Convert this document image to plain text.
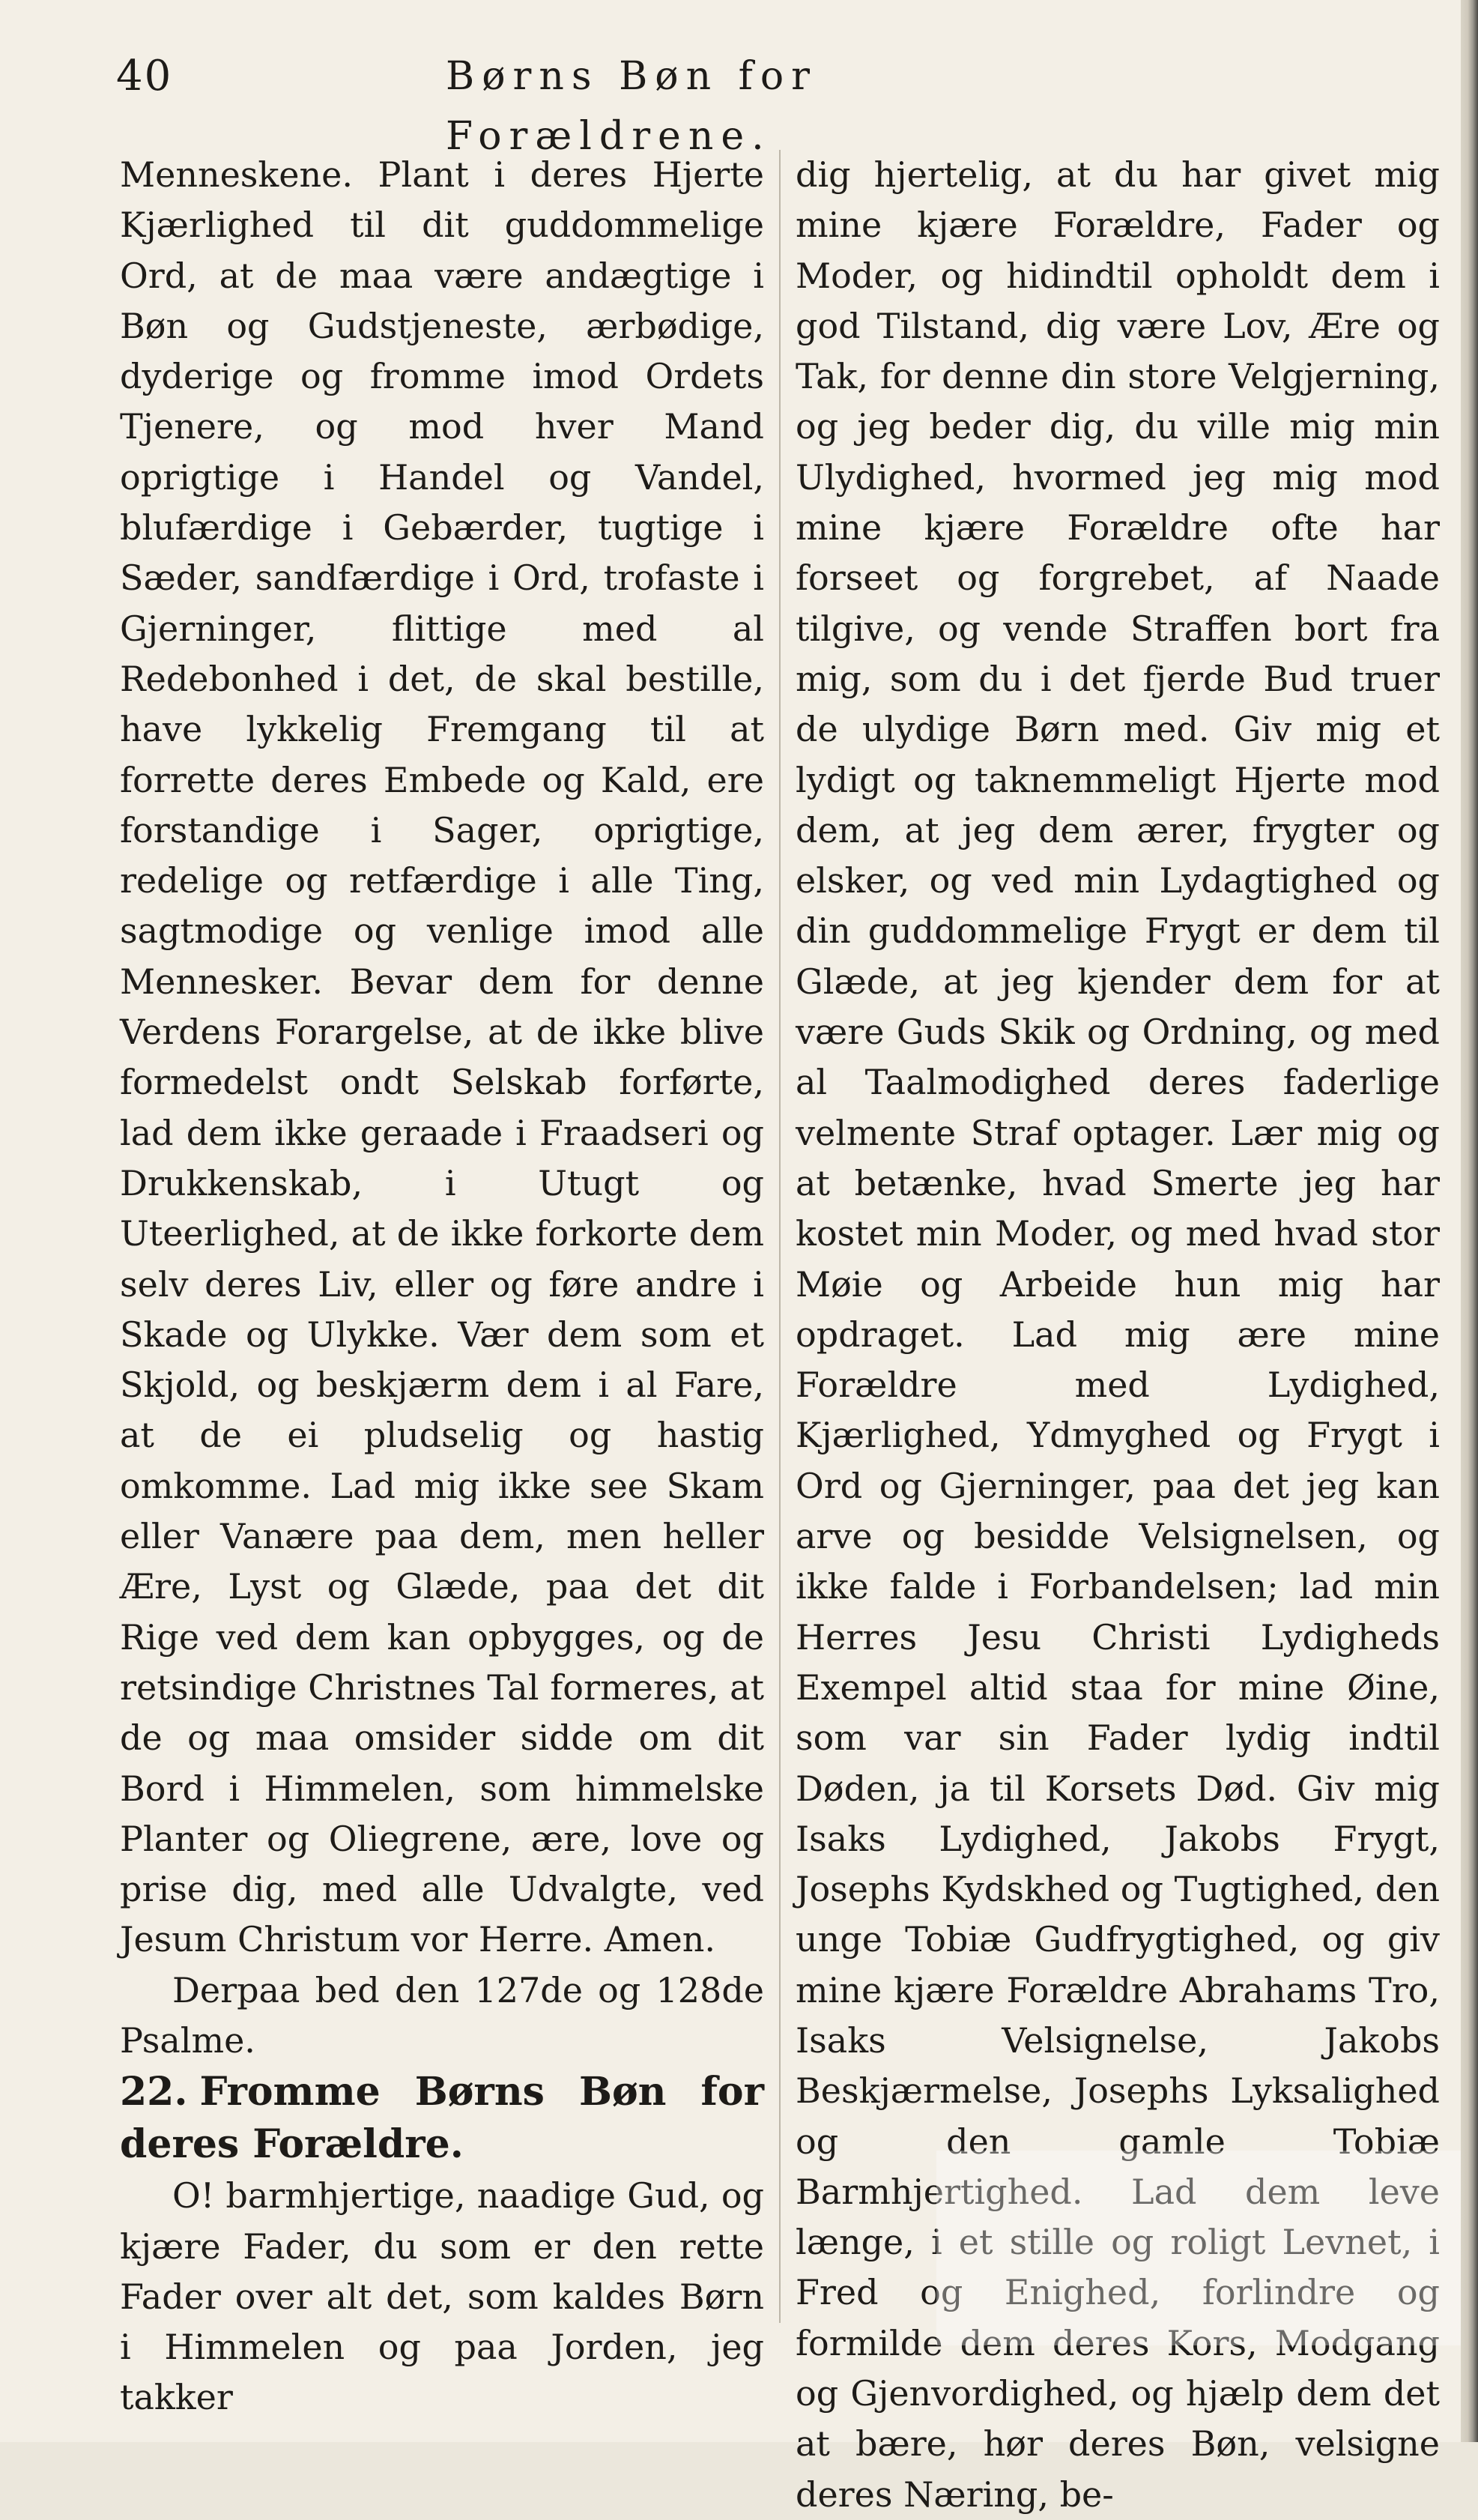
40	Børns Bøn for Forældrene.

Menneskene. Plant i deres Hjerte Kjærlighed til dit guddommelige Ord, at de maa være andægtige i Bøn og Gudstjeneste, ærbødige, dyderige og fromme imod Ordets Tjenere, og mod hver Mand oprigtige i Handel og Vandel, blufærdige i Gebærder, tugtige i Sæder, sandfærdige i Ord, trofaste i Gjerninger, flittige med al Redebonhed i det, de skal bestille, have lykkelig Fremgang til at forrette deres Embede og Kald, ere forstandige i Sager, oprigtige, redelige og retfærdige i alle Ting, sagtmodige og venlige imod alle Mennesker. Bevar dem for denne Verdens Forargelse, at de ikke blive formedelst ondt Selskab forførte, lad dem ikke geraade i Fraadseri og Drukkenskab, i Utugt og Uteerlighed, at de ikke forkorte dem selv deres Liv, eller og føre andre i Skade og Ulykke. Vær dem som et Skjold, og beskjærm dem i al Fare, at de ei pludselig og hastig omkomme. Lad mig ikke see Skam eller Vanære paa dem, men heller Ære, Lyst og Glæde, paa det dit Rige ved dem kan opbygges, og de retsindige Christnes Tal formeres, at de og maa omsider sidde om dit Bord i Himmelen, som himmelske Planter og Oliegrene, ære, love og prise dig, med alle Udvalgte, ved Jesum Christum vor Herre. Amen.

Derpaa bed den 127de og 128de Psalme.

22. Fromme Børns Bøn for deres Forældre.

O! barmhjertige, naadige Gud, og kjære Fader, du som er den rette Fader over alt det, som kaldes Børn i Himmelen og paa Jorden, jeg takker

dig hjertelig, at du har givet mig mine kjære Forældre, Fader og Moder, og hidindtil opholdt dem i god Tilstand, dig være Lov, Ære og Tak, for denne din store Velgjerning, og jeg beder dig, du ville mig min Ulydighed, hvormed jeg mig mod mine kjære Forældre ofte har forseet og forgrebet, af Naade tilgive, og vende Straffen bort fra mig, som du i det fjerde Bud truer de ulydige Børn med. Giv mig et lydigt og taknemmeligt Hjerte mod dem, at jeg dem ærer, frygter og elsker, og ved min Lydagtighed og din guddommelige Frygt er dem til Glæde, at jeg kjender dem for at være Guds Skik og Ordning, og med al Taalmodighed deres faderlige velmente Straf optager. Lær mig og at betænke, hvad Smerte jeg har kostet min Moder, og med hvad stor Møie og Arbeide hun mig har opdraget. Lad mig ære mine Forældre med Lydighed, Kjærlighed, Ydmyghed og Frygt i Ord og Gjerninger, paa det jeg kan arve og besidde Velsignelsen, og ikke falde i Forbandelsen; lad min Herres Jesu Christi Lydigheds Exempel altid staa for mine Øine, som var sin Fader lydig indtil Døden, ja til Korsets Død. Giv mig Isaks Lydighed, Jakobs Frygt, Josephs Kydskhed og Tugtighed, den unge Tobiæ Gudfrygtighed, og giv mine kjære Forældre Abrahams Tro, Isaks Velsignelse, Jakobs Beskjærmelse, Josephs Lyksalighed og den gamle Tobiæ Barmhjertighed. Lad dem leve længe, i et stille og roligt Levnet, i Fred og Enighed, forlindre og formilde dem deres Kors, Modgang og Gjenvordighed, og hjælp dem det at bære, hør deres Bøn, velsigne deres Næring, be-
